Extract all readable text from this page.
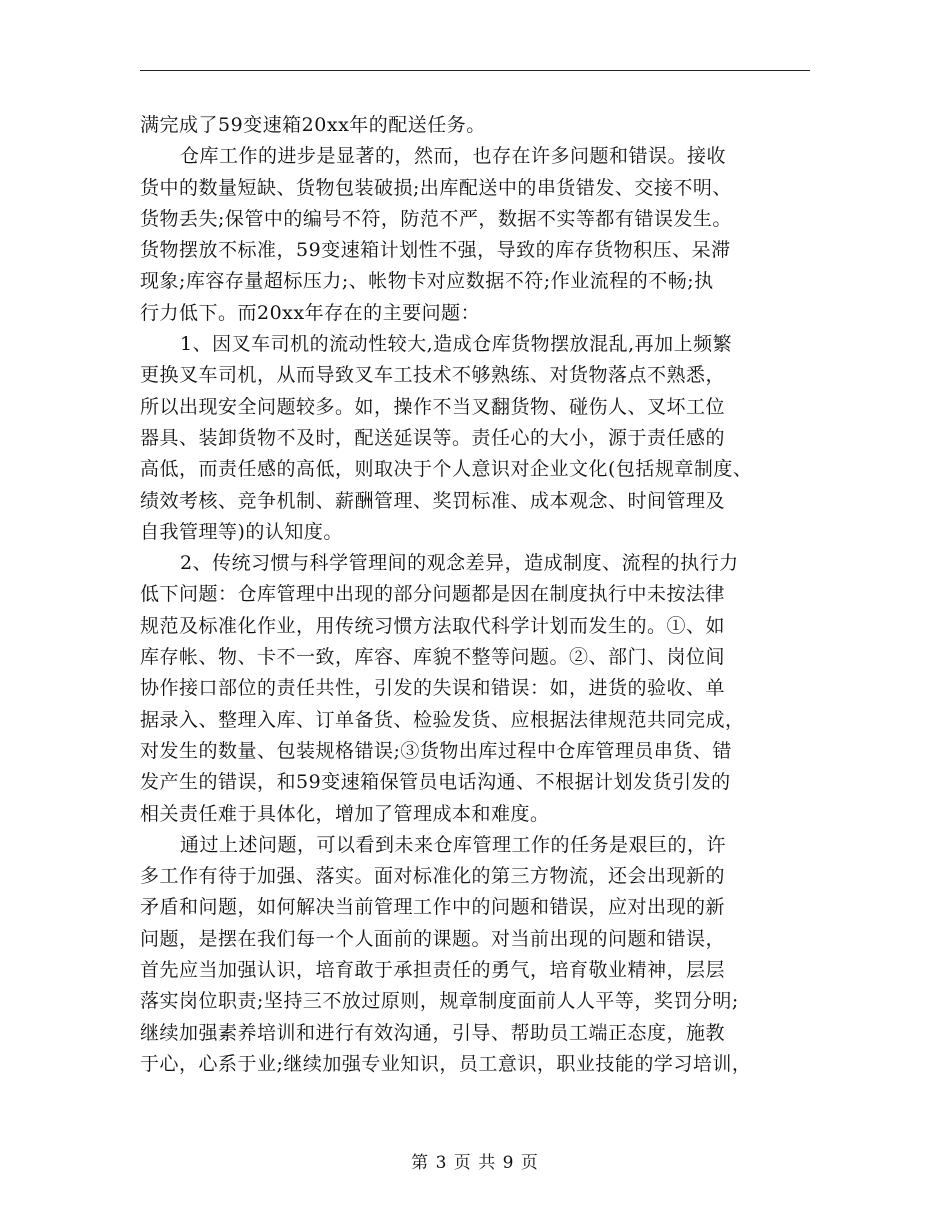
满完成了59变速箱20xx年的配送任务。
仓库工作的进步是显著的，然而，也存在许多问题和错误。接收
货中的数量短缺、货物包装破损;出库配送中的串货错发、交接不明、
货物丢失;保管中的编号不符，防范不严，数据不实等都有错误发生。
货物摆放不标准，59变速箱计划性不强，导致的库存货物积压、呆滞
现象;库容存量超标压力;、帐物卡对应数据不符;作业流程的不畅;执
行力低下。而20xx年存在的主要问题：
1、因叉车司机的流动性较大,造成仓库货物摆放混乱,再加上频繁
更换叉车司机，从而导致叉车工技术不够熟练、对货物落点不熟悉，
所以出现安全问题较多。如，操作不当叉翻货物、碰伤人、叉坏工位
器具、装卸货物不及时，配送延误等。责任心的大小，源于责任感的
高低，而责任感的高低，则取决于个人意识对企业文化(包括规章制度、
绩效考核、竞争机制、薪酬管理、奖罚标准、成本观念、时间管理及
自我管理等)的认知度。
2、传统习惯与科学管理间的观念差异，造成制度、流程的执行力
低下问题：仓库管理中出现的部分问题都是因在制度执行中未按法律
规范及标准化作业，用传统习惯方法取代科学计划而发生的。①、如
库存帐、物、卡不一致，库容、库貌不整等问题。②、部门、岗位间
协作接口部位的责任共性，引发的失误和错误：如，进货的验收、单
据录入、整理入库、订单备货、检验发货、应根据法律规范共同完成，
对发生的数量、包装规格错误;③货物出库过程中仓库管理员串货、错
发产生的错误，和59变速箱保管员电话沟通、不根据计划发货引发的
相关责任难于具体化，增加了管理成本和难度。
通过上述问题，可以看到未来仓库管理工作的任务是艰巨的，许
多工作有待于加强、落实。面对标准化的第三方物流，还会出现新的
矛盾和问题，如何解决当前管理工作中的问题和错误，应对出现的新
问题，是摆在我们每一个人面前的课题。对当前出现的问题和错误，
首先应当加强认识，培育敢于承担责任的勇气，培育敬业精神，层层
落实岗位职责;坚持三不放过原则，规章制度面前人人平等，奖罚分明;
继续加强素养培训和进行有效沟通，引导、帮助员工端正态度，施教
于心，心系于业;继续加强专业知识，员工意识，职业技能的学习培训，
第 3 页 共 9 页
